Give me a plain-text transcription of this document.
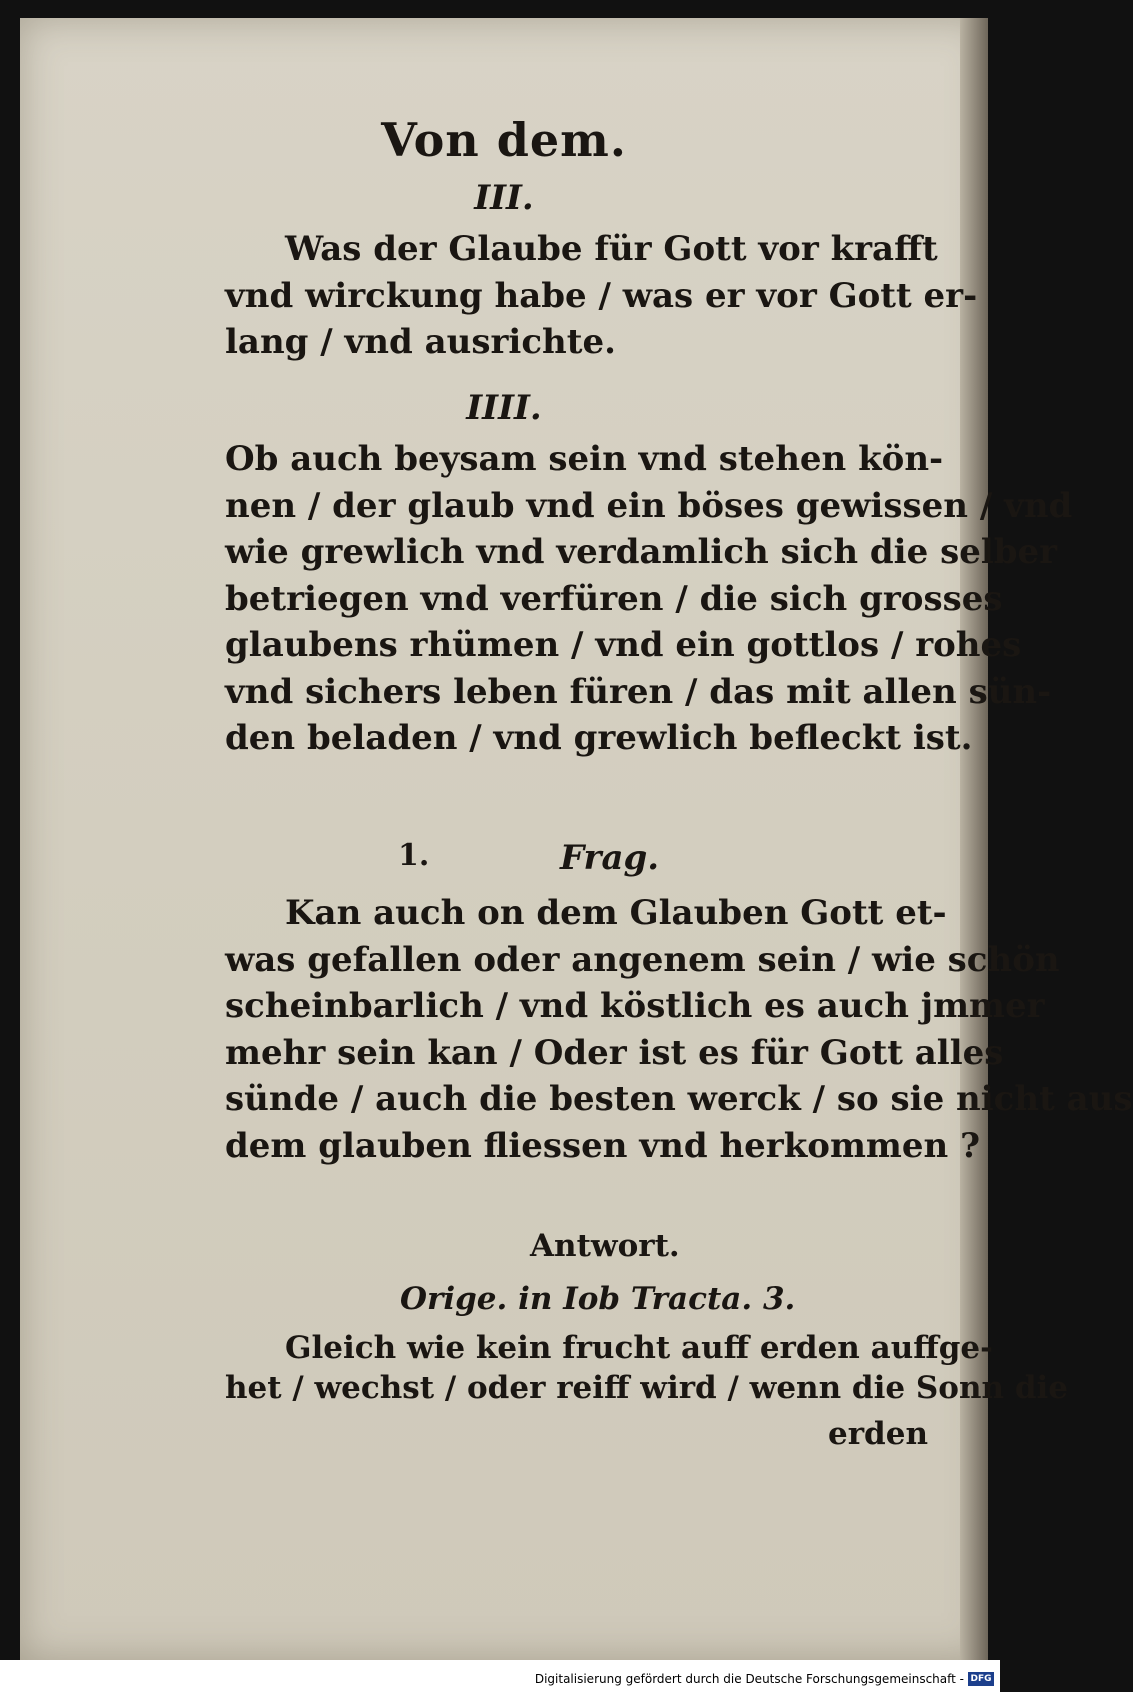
Von dem.
III.
Was der Glaube für Gott vor krafft
vnd wirckung habe / was er vor Gott er-
lang / vnd ausrichte.
IIII.
Ob auch beysam sein vnd stehen kön-
nen / der glaub vnd ein böses gewissen / vnd
wie grewlich vnd verdamlich sich die selber
betriegen vnd verfüren / die sich grosses
glaubens rhümen / vnd ein gottlos / rohes
vnd sichers leben füren / das mit allen sün-
den beladen / vnd grewlich befleckt ist.
1.	Frag.
Kan auch on dem Glauben Gott et-
was gefallen oder angenem sein / wie schön
scheinbarlich / vnd köstlich es auch jmmer
mehr sein kan / Oder ist es für Gott alles
sünde / auch die besten werck / so sie nicht aus
dem glauben fliessen vnd herkommen ?
Antwort.
Orige. in Iob Tracta. 3.
Gleich wie kein frucht auff erden auffge-
het / wechst / oder reiff wird / wenn die Sonn die
erden
Digitalisierung gefördert durch die Deutsche Forschungsgemeinschaft - DFG
